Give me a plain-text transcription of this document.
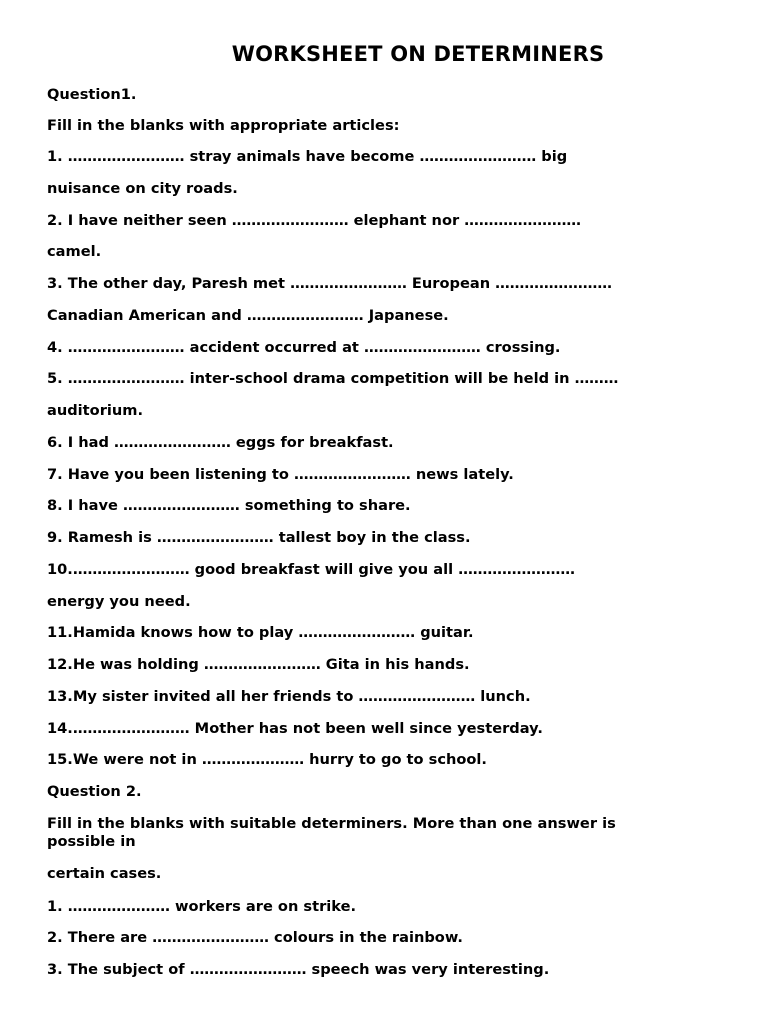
WORKSHEET ON DETERMINERS
Question1.
Fill in the blanks with appropriate articles:
1. …………………… stray animals have become …………………… big
nuisance on city roads.
2. I have neither seen …………………… elephant nor ……………………
camel.
3. The other day, Paresh met …………………… European ……………………
Canadian American and …………………… Japanese.
4. …………………… accident occurred at …………………… crossing.
5. …………………… inter-school drama competition will be held in ………
auditorium.
6. I had …………………… eggs for breakfast.
7. Have you been listening to …………………… news lately.
8. I have …………………… something to share.
9. Ramesh is …………………… tallest boy in the class.
10.…………………… good breakfast will give you all ……………………
energy you need.
11.Hamida knows how to play …………………… guitar.
12.He was holding …………………… Gita in his hands.
13.My sister invited all her friends to …………………… lunch.
14.…………………… Mother has not been well since yesterday.
15.We were not in ………………… hurry to go to school.
Question 2.
Fill in the blanks with suitable determiners. More than one answer is possible in
certain cases.
1. ………………… workers are on strike.
2. There are …………………… colours in the rainbow.
3. The subject of …………………… speech was very interesting.
